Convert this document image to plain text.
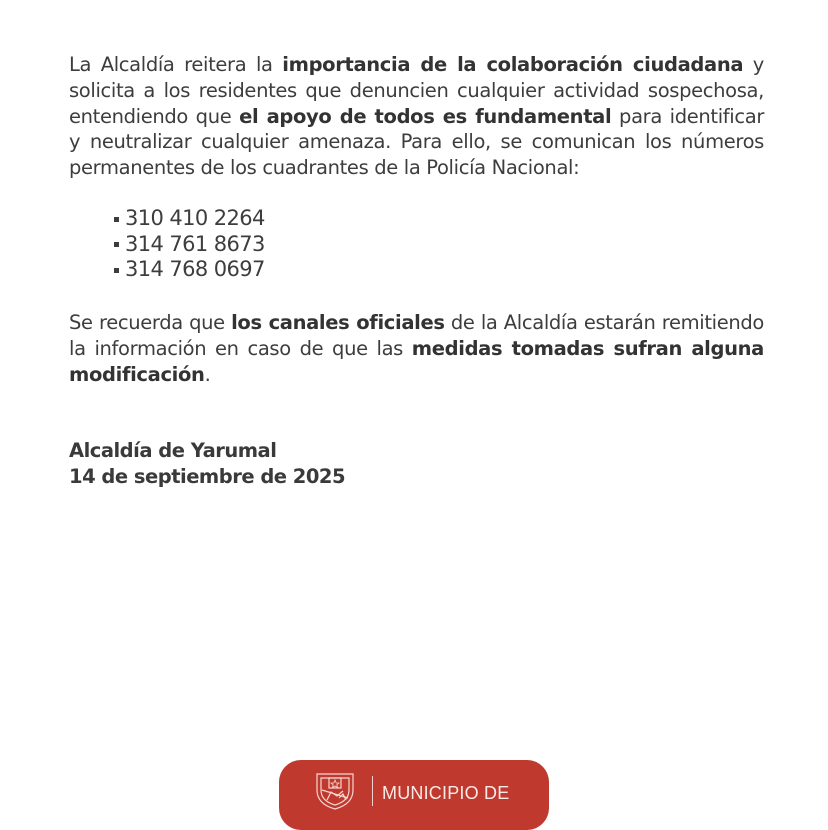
La Alcaldía reitera la importancia de la colaboración ciudadana y solicita a los residentes que denuncien cualquier actividad sospechosa, entendiendo que el apoyo de todos es fundamental para identificar y neutralizar cualquier amenaza. Para ello, se comunican los números permanentes de los cuadrantes de la Policía Nacional:

310 410 2264
314 761 8673
314 768 0697

Se recuerda que los canales oficiales de la Alcaldía estarán remitiendo la información en caso de que las medidas tomadas sufran alguna modificación.

Alcaldía de Yarumal
14 de septiembre de 2025
MUNICIPIO DE
